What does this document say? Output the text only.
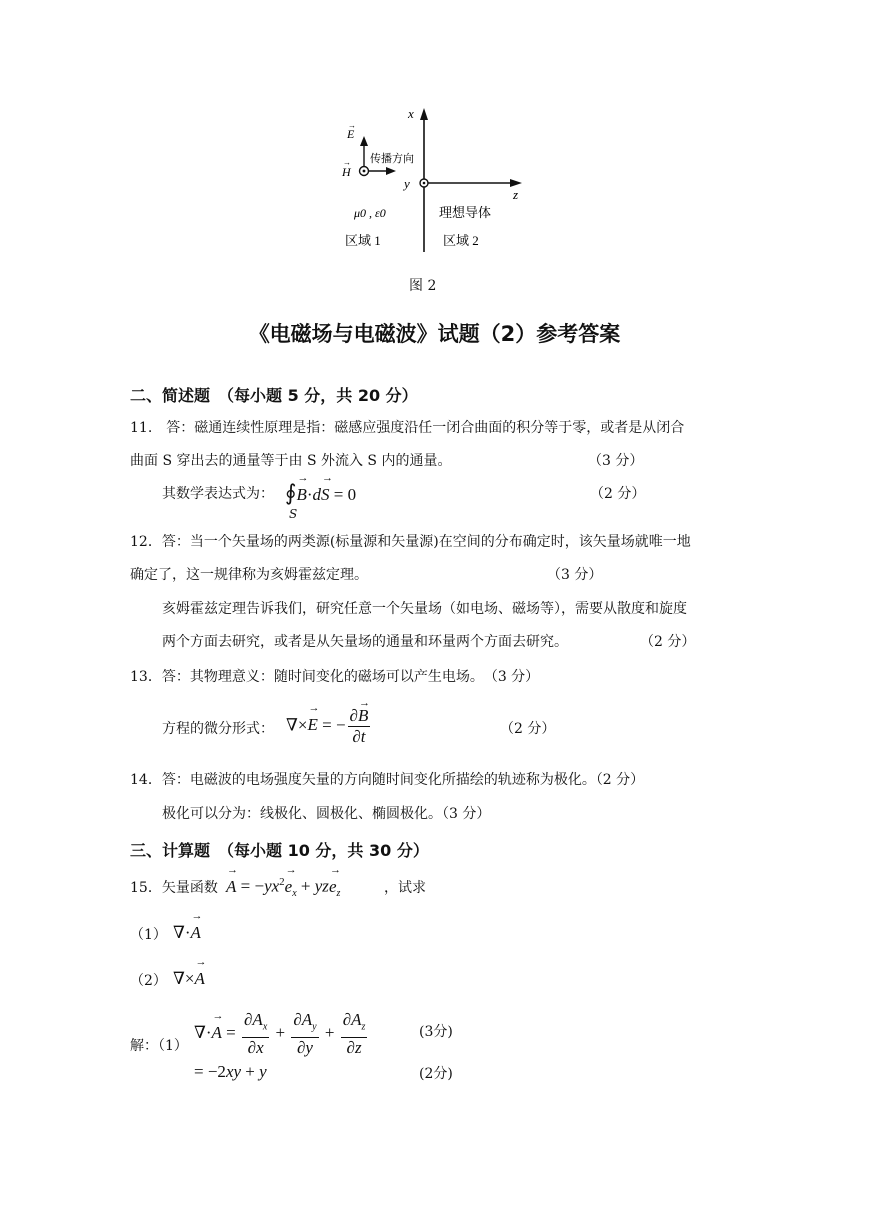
x
z
y
E
→
H
→ 传播方向
μ0 , ε0	理想导体
区域 1	区域 2
图 2
《电磁场与电磁波》试题（2）参考答案
二、简述题　（每小题 5 分，共 20 分）
11.　答：磁通连续性原理是指：磁感应强度沿任一闭合曲面的积分等于零，或者是从闭合
曲面 S 穿出去的通量等于由 S 外流入 S 内的通量。	（3 分）
其数学表达式为： ∮→ B·d→ S = 0
S
（2 分）
12．答：当一个矢量场的两类源(标量源和矢量源)在空间的分布确定时，该矢量场就唯一地
确定了，这一规律称为亥姆霍兹定理。	（3 分）
亥姆霍兹定理告诉我们，研究任意一个矢量场（如电场、磁场等），需要从散度和旋度
两个方面去研究，或者是从矢量场的通量和环量两个方面去研究。	（2 分）
13．答：其物理意义：随时间变化的磁场可以产生电场。　（3 分）
方程的微分形式： ∇×→ E = − $\frac{\partial\to B}{\partial t}$	（2 分）
14．答：电磁波的电场强度矢量的方向随时间变化所描绘的轨迹称为极化。（2 分）
极化可以分为：线极化、圆极化、椭圆极化。（3 分）
三、计算题　（每小题 10 分，共 30 分）
15．矢量函数
→ $A = -yx^2\to e_x + yz\to e_z$	，试求
（1） ∇·→ A
（2） ∇×→ A
解：（1）
∇·→ $A = \frac{\partial A_x}{\partial x} + \frac{\partial A_y}{\partial y} + \frac{\partial A_z}{\partial z}$	(3分)
= −2xy + y	(2分)
